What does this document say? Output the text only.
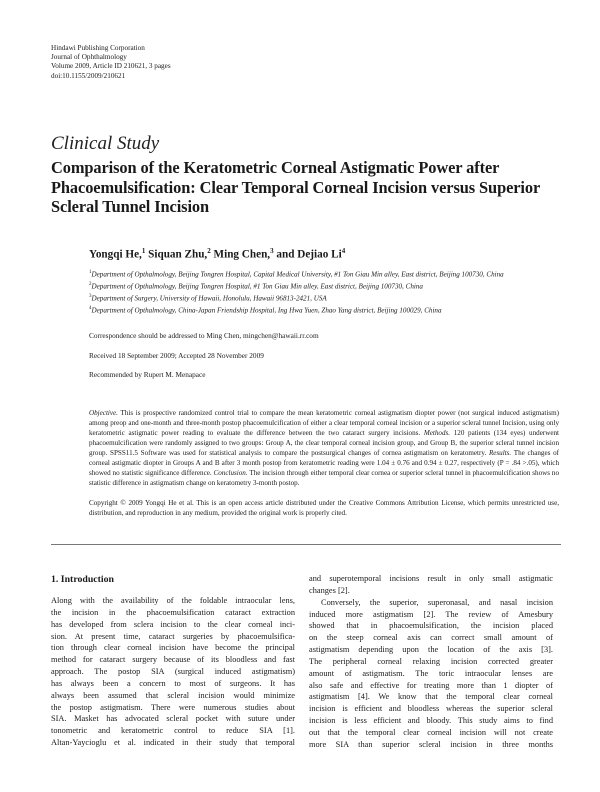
Hindawi Publishing Corporation
Journal of Ophthalmology
Volume 2009, Article ID 210621, 3 pages
doi:10.1155/2009/210621
Clinical Study
Comparison of the Keratometric Corneal Astigmatic Power after Phacoemulsification: Clear Temporal Corneal Incision versus Superior Scleral Tunnel Incision
Yongqi He,$^1$ Siquan Zhu,$^2$ Ming Chen,$^3$ and Dejiao Li$^4$
$^1$Department of Opthalmology, Beijing Tongren Hospital, Capital Medical University, #1 Ton Giau Min alley, East district, Beijing 100730, China
$^2$Department of Opthalmology, Beijing Tongren Hospital, #1 Ton Giau Min alley, East district, Beijing 100730, China
$^3$Department of Surgery, University of Hawaii, Honolulu, Hawaii 96813-2421, USA
$^4$Department of Opthalmology, China-Japan Friendship Hospital, Ing Hwa Yuen, Zhao Yang district, Beijing 100029, China
Correspondence should be addressed to Ming Chen, mingchen@hawaii.rr.com
Received 18 September 2009; Accepted 28 November 2009
Recommended by Rupert M. Menapace
Objective. This is prospective randomized control trial to compare the mean keratometric corneal astigmatism diopter power (not surgical induced astigmatism) among preop and one-month and three-month postop phacoemulcification of either a clear temporal corneal incision or a superior scleral tunnel Incision, using only keratometric astigmatic power reading to evaluate the difference between the two cataract surgery incisions. Methods. 120 patients (134 eyes) underwent phacoemulcification were randomly assigned to two groups: Group A, the clear temporal corneal incision group, and Group B, the superior scleral tunnel incision group. SPSS11.5 Software was used for statistical analysis to compare the postsurgical changes of cornea astigmatism on keratometry. Results. The changes of corneal astigmatic diopter in Groups A and B after 3 month postop from keratometric reading were 1.04 ± 0.76 and 0.94 ± 0.27, respectively (P = .84 >.05), which showed no statistic significance difference. Conclusion. The incision through either temporal clear cornea or superior scleral tunnel in phacoemulcification shows no statistic difference in astigmatism change on keratometry 3-month postop.
Copyright © 2009 Yongqi He et al. This is an open access article distributed under the Creative Commons Attribution License, which permits unrestricted use, distribution, and reproduction in any medium, provided the original work is properly cited.
1. Introduction
Along with the availability of the foldable intraocular lens,
the incision in the phacoemulsification cataract extraction
has developed from sclera incision to the clear corneal inci-
sion. At present time, cataract surgeries by phacoemulsifica-
tion through clear corneal incision have become the principal
method for cataract surgery because of its bloodless and fast
approach. The postop SIA (surgical induced astigmatism)
has always been a concern to most of surgeons. It has
always been assumed that scleral incision would minimize
the postop astigmatism. There were numerous studies about
SIA. Masket has advocated scleral pocket with suture under
tonometric and keratometric control to reduce SIA [1].
Altan-Yaycioglu et al. indicated in their study that temporal
and superotemporal incisions result in only small astigmatic
changes [2].
Conversely, the superior, superonasal, and nasal incision
induced more astigmatism [2]. The review of Amesbury
showed that in phacoemulsification, the incision placed
on the steep corneal axis can correct small amount of
astigmatism depending upon the location of the axis [3].
The peripheral corneal relaxing incision corrected greater
amount of astigmatism. The toric intraocular lenses are
also safe and effective for treating more than 1 diopter of
astigmatism [4]. We know that the temporal clear corneal
incision is efficient and bloodless whereas the superior scleral
incision is less efficient and bloody. This study aims to find
out that the temporal clear corneal incision will not create
more SIA than superior scleral incision in three months
